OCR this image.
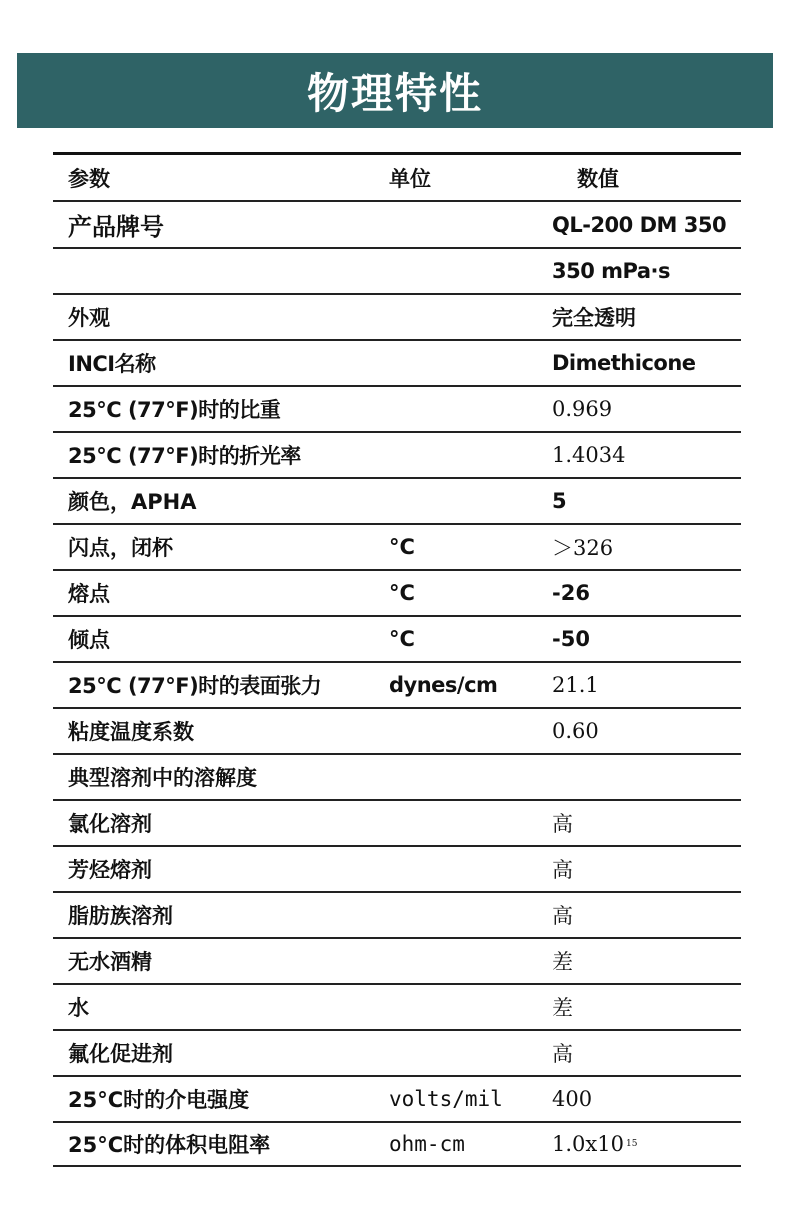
物理特性
参数	单位	数值
产品牌号	QL-200 DM 350
350 mPa·s
外观	完全透明
INCI名称	Dimethicone
25°C (77°F)时的比重	0.969
25°C (77°F)时的折光率	1.4034
颜色，APHA	5
闪点，闭杯	°C	＞326
熔点	°C	-26
倾点	°C	-50
25°C (77°F)时的表面张力	dynes/cm	21.1
粘度温度系数	0.60
典型溶剂中的溶解度
氯化溶剂	高
芳烃熔剂	高
脂肪族溶剂	高
无水酒精	差
水	差
氟化促进剂	高
25°C时的介电强度	volts/mil 400
25°C时的体积电阻率	ohm-cm	1.0x10 15
